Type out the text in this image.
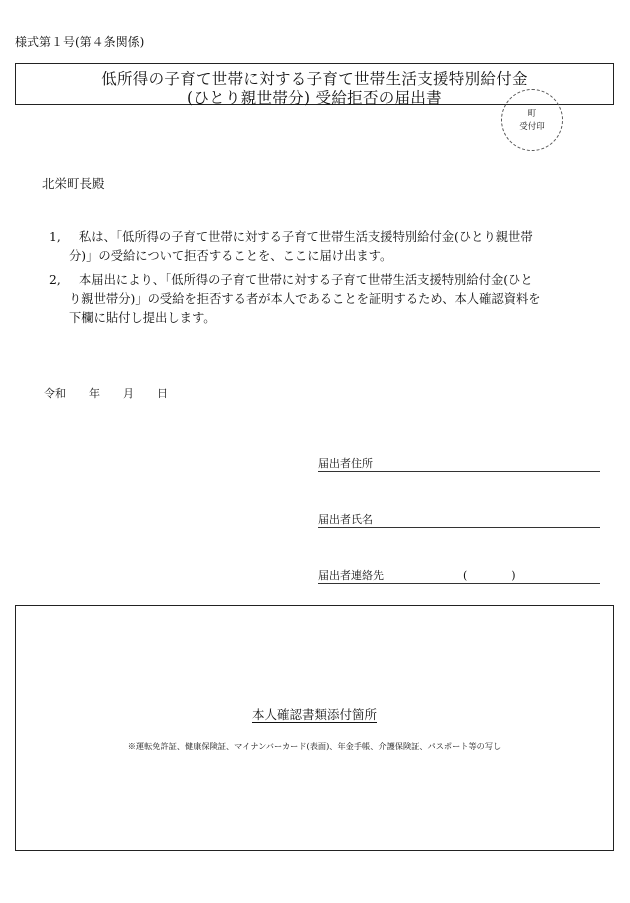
様式第１号(第４条関係)
低所得の子育て世帯に対する子育て世帯生活支援特別給付金
(ひとり親世帯分) 受給拒否の届出書
町
受付印
北栄町長殿
1,	私は、「低所得の子育て世帯に対する子育て世帯生活支援特別給付金(ひとり親世帯
分)」の受給について拒否することを、ここに届け出ます。
2,	本届出により、「低所得の子育て世帯に対する子育て世帯生活支援特別給付金(ひと
り親世帯分)」の受給を拒否する者が本人であることを証明するため、本人確認資料を
下欄に貼付し提出します。
令和 年 月 日
届出者住所
届出者氏名
届出者連絡先	(　　　　)
本人確認書類添付箇所
※運転免許証、健康保険証、マイナンバーカード(表面)、年金手帳、介護保険証、パスポート等の写し
